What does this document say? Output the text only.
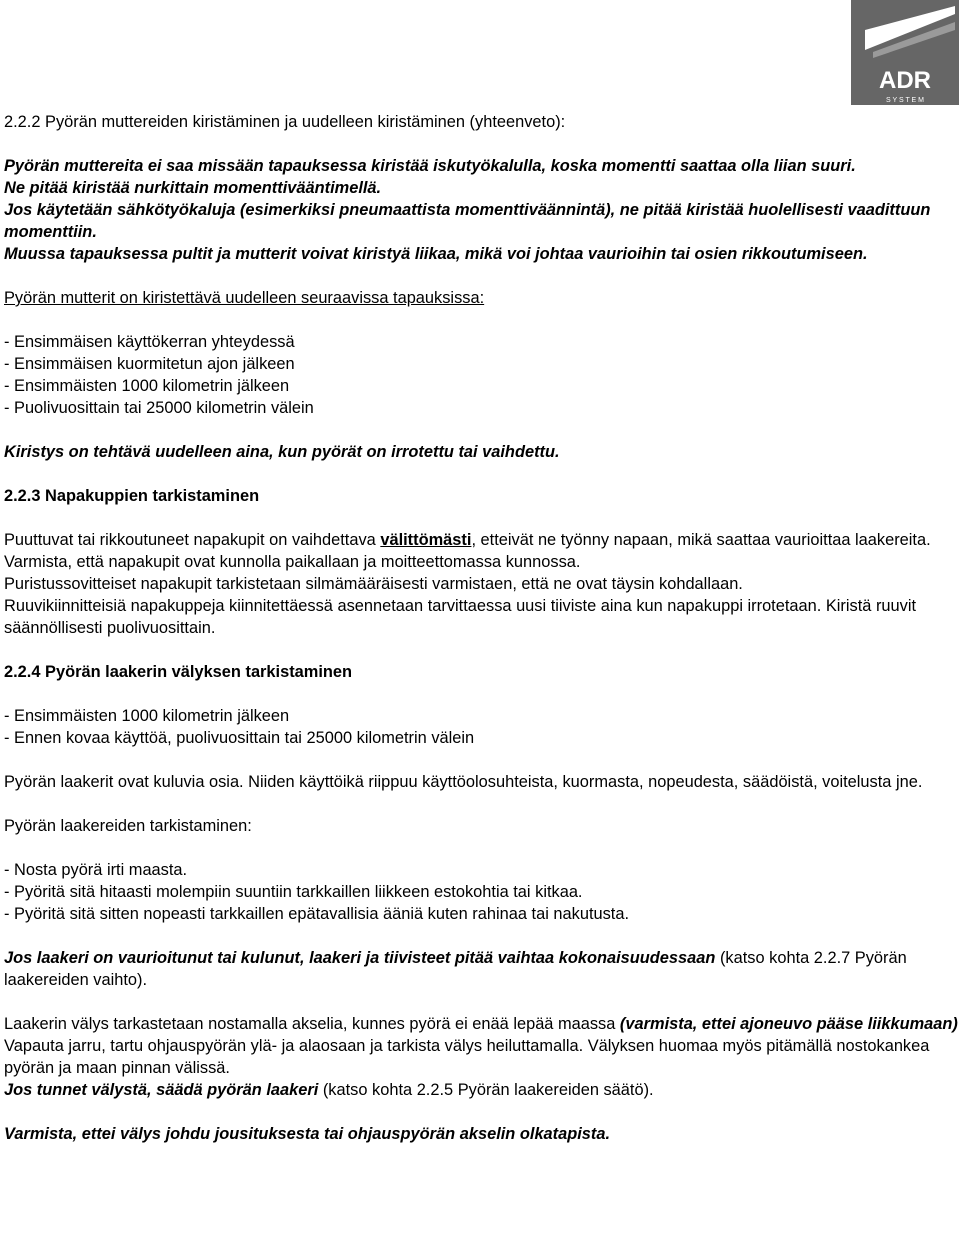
ADR
S Y S T E M

2.2.2 Pyörän muttereiden kiristäminen ja uudelleen kiristäminen (yhteenveto):

Pyörän muttereita ei saa missään tapauksessa kiristää iskutyökalulla, koska momentti saattaa olla liian suuri.

Ne pitää kiristää nurkittain momenttiväänt​imellä.

Jos käytetään sähkötyökaluja (esimerkiksi pneumaattista momenttiväännintä), ne pitää kiristää huolellisesti vaadittuun momenttiin.

Muussa tapauksessa pultit ja mutterit voivat kiristyä liikaa, mikä voi johtaa vaurioihin tai osien rikkoutumiseen.

Pyörän mutterit on kiristettävä uudelleen seuraavissa tapauksissa:

- Ensimmäisen käyttökerran yhteydessä

- Ensimmäisen kuormitetun ajon jälkeen

- Ensimmäisten 1000 kilometrin jälkeen

- Puolivuosittain tai 25000 kilometrin välein

Kiristys on tehtävä uudelleen aina, kun pyörät on irrotettu tai vaihdettu.

2.2.3 Napakuppien tarkistaminen

Puuttuvat tai rikkoutuneet napakupit on vaihdettava välittömästi, etteivät ne työnny napaan, mikä saattaa vaurioittaa laakereita.

Varmista, että napakupit ovat kunnolla paikallaan ja moitteettomassa kunnossa.

Puristussovitteiset napakupit tarkistetaan silmämääräisesti varmistaen, että ne ovat täysin kohdallaan.

Ruuvikiinnitteisiä napakuppeja kiinnitettäessä asennetaan tarvittaessa uusi tiiviste aina kun napakuppi irrotetaan. Kiristä ruuvit säännöllisesti puolivuosittain.

2.2.4 Pyörän laakerin välyksen tarkistaminen

- Ensimmäisten 1000 kilometrin jälkeen

- Ennen kovaa käyttöä, puolivuosittain tai 25000 kilometrin välein

Pyörän laakerit ovat kuluvia osia. Niiden käyttöikä riippuu käyttöolosuhteista, kuormasta, nopeudesta, säädöistä, voitelusta jne.

Pyörän laakereiden tarkistaminen:

- Nosta pyörä irti maasta.

- Pyöritä sitä hitaasti molempiin suuntiin tarkkaillen liikkeen estokohtia tai kitkaa.

- Pyöritä sitä sitten nopeasti tarkkaillen epätavallisia ääniä kuten rahinaa tai nakutusta.

Jos laakeri on vaurioitunut tai kulunut, laakeri ja tiivisteet pitää vaihtaa kokonaisuudessaan (katso kohta 2.2.7 Pyörän laakereiden vaihto).

Laakerin välys tarkastetaan nostamalla akselia, kunnes pyörä ei enää lepää maassa (varmista, ettei ajoneuvo pääse liikkumaan)

Vapauta jarru, tartu ohjauspyörän ylä- ja alaosaan ja tarkista välys heiluttamalla. Välyksen huomaa myös pitämällä nostokankea pyörän ja maan pinnan välissä.

Jos tunnet välystä, säädä pyörän laakeri (katso kohta 2.2.5 Pyörän laakereiden säätö).

Varmista, ettei välys johdu jousituksesta tai ohjauspyörän akselin olkatapista.
